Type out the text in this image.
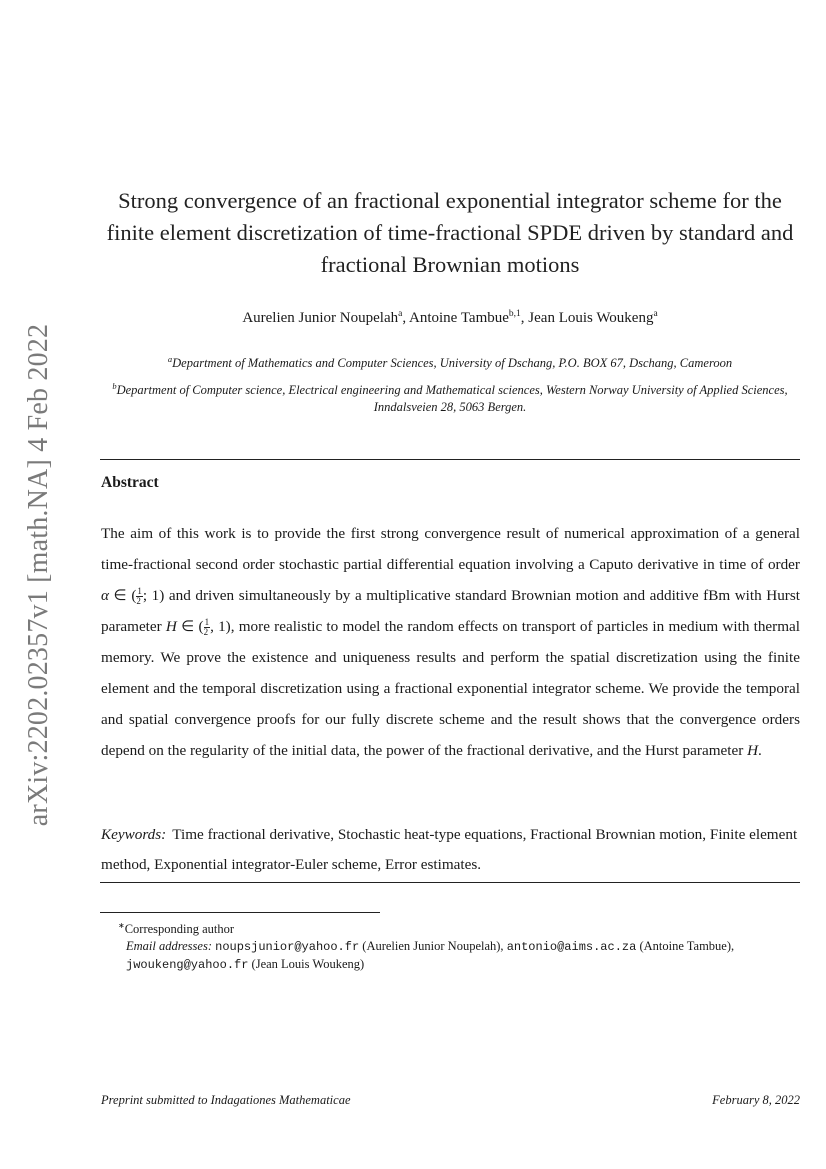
arXiv:2202.02357v1 [math.NA] 4 Feb 2022
Strong convergence of an fractional exponential integrator scheme for the finite element discretization of time-fractional SPDE driven by standard and fractional Brownian motions
Aurelien Junior Noupelah$^a$, Antoine Tambue$^{b,1}$, Jean Louis Woukeng$^a$
$^a$Department of Mathematics and Computer Sciences, University of Dschang, P.O. BOX 67, Dschang, Cameroon
$^b$Department of Computer science, Electrical engineering and Mathematical sciences, Western Norway University of Applied Sciences, Inndalsveien 28, 5063 Bergen.
Abstract
The aim of this work is to provide the first strong convergence result of numerical approximation of a general time-fractional second order stochastic partial differential equation involving a Caputo derivative in time of order α ∈ ( $\frac{1}{2}$ ; 1) and driven simultaneously by a multiplicative standard Brownian motion and additive fBm with Hurst parameter H ∈ ( $\frac{1}{2}$ , 1), more realistic to model the random effects on transport of particles in medium with thermal memory. We prove the existence and uniqueness results and perform the spatial discretization using the finite element and the temporal discretization using a fractional exponential integrator scheme. We provide the temporal and spatial convergence proofs for our fully discrete scheme and the result shows that the convergence orders depend on the regularity of the initial data, the power of the fractional derivative, and the Hurst parameter H.
Keywords: Time fractional derivative, Stochastic heat-type equations, Fractional Brownian motion, Finite element method, Exponential integrator-Euler scheme, Error estimates.
∗Corresponding author
Email addresses: noupsjunior@yahoo.fr (Aurelien Junior Noupelah), antonio@aims.ac.za (Antoine Tambue), jwoukeng@yahoo.fr (Jean Louis Woukeng)
Preprint submitted to Indagationes Mathematicae	February 8, 2022
